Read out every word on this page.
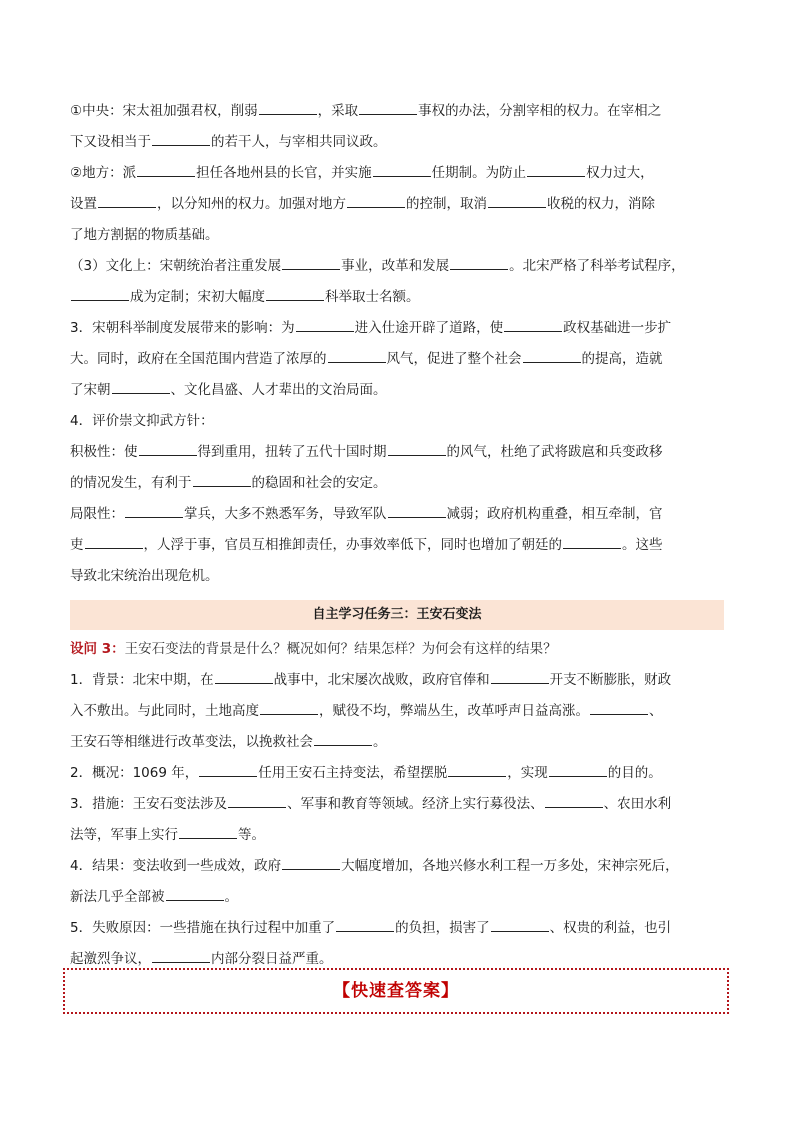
①中央：宋太祖加强君权，削弱	，采取	事权的办法，分割宰相的权力。在宰相之
下又设相当于	的若干人，与宰相共同议政。
②地方：派	担任各地州县的长官，并实施	任期制。为防止	权力过大，
设置	，以分知州的权力。加强对地方	的控制，取消	收税的权力，消除
了地方割据的物质基础。
（3）文化上：宋朝统治者注重发展	事业，改革和发展	。北宋严格了科举考试程序，
成为定制；宋初大幅度	科举取士名额。
3．宋朝科举制度发展带来的影响：为	进入仕途开辟了道路，使	政权基础进一步扩
大。同时，政府在全国范围内营造了浓厚的	风气，促进了整个社会	的提高，造就
了宋朝	、文化昌盛、人才辈出的文治局面。
4．评价崇文抑武方针：
积极性：使	得到重用，扭转了五代十国时期	的风气，杜绝了武将跋扈和兵变政移
的情况发生，有利于	的稳固和社会的安定。
局限性：	掌兵，大多不熟悉军务，导致军队	减弱；政府机构重叠，相互牵制，官
吏	，人浮于事，官员互相推卸责任，办事效率低下，同时也增加了朝廷的	。这些
导致北宋统治出现危机。
自主学习任务三：王安石变法
设问 3：王安石变法的背景是什么？概况如何？结果怎样？为何会有这样的结果？
1．背景：北宋中期，在	战事中，北宋屡次战败，政府官俸和	开支不断膨胀，财政
入不敷出。与此同时，土地高度	，赋役不均，弊端丛生，改革呼声日益高涨。	、
王安石等相继进行改革变法，以挽救社会	。
2．概况：1069 年，	任用王安石主持变法，希望摆脱	，实现	的目的。
3．措施：王安石变法涉及	、军事和教育等领域。经济上实行募役法、	、农田水利
法等，军事上实行	等。
4．结果：变法收到一些成效，政府	大幅度增加，各地兴修水利工程一万多处，宋神宗死后，
新法几乎全部被	。
5．失败原因：一些措施在执行过程中加重了	的负担，损害了	、权贵的利益，也引
起激烈争议，	内部分裂日益严重。
【快速查答案】
